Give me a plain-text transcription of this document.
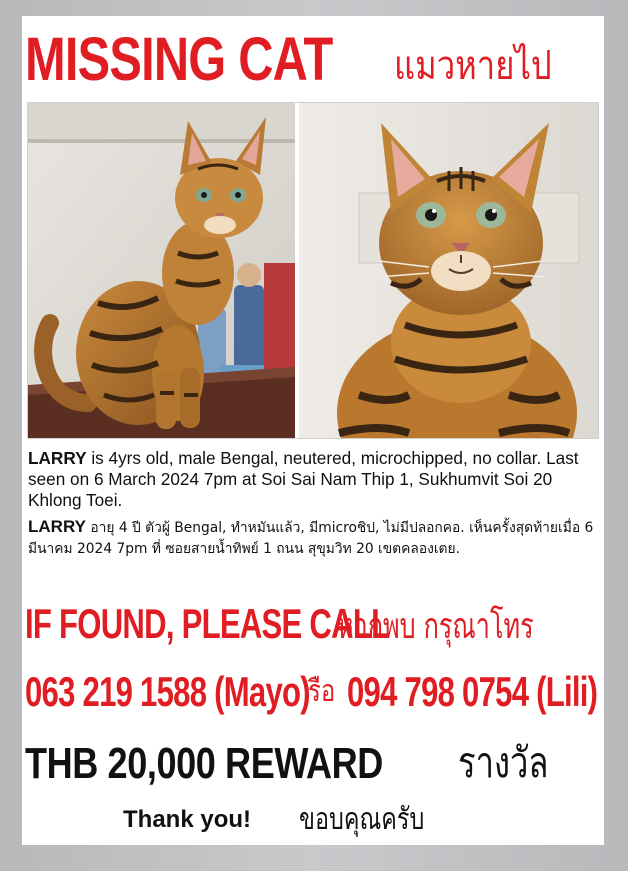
MISSING CAT แมวหายไป
LARRY is 4yrs old, male Bengal, neutered, microchipped, no collar. Last seen on 6 March 2024 7pm at Soi Sai Nam Thip 1, Sukhumvit Soi 20 Khlong Toei.
LARRY อายุ 4 ปี ตัวผู้ Bengal, ทำหมันแล้ว, มีmicroชิป, ไม่มีปลอกคอ. เห็นครั้งสุดท้ายเมื่อ 6 มีนาคม 2024 7pm ที่ ซอยสายน้ำทิพย์ 1 ถนน สุขุมวิท 20 เขตคลองเตย.
IF FOUND, PLEASE CALL
หากพบ กรุณาโทร
063 219 1588 (Mayo)
รือ 094 798 0754 (Lili)
THB 20,000 REWARD รางวัล
Thank you! ขอบคุณครับ
